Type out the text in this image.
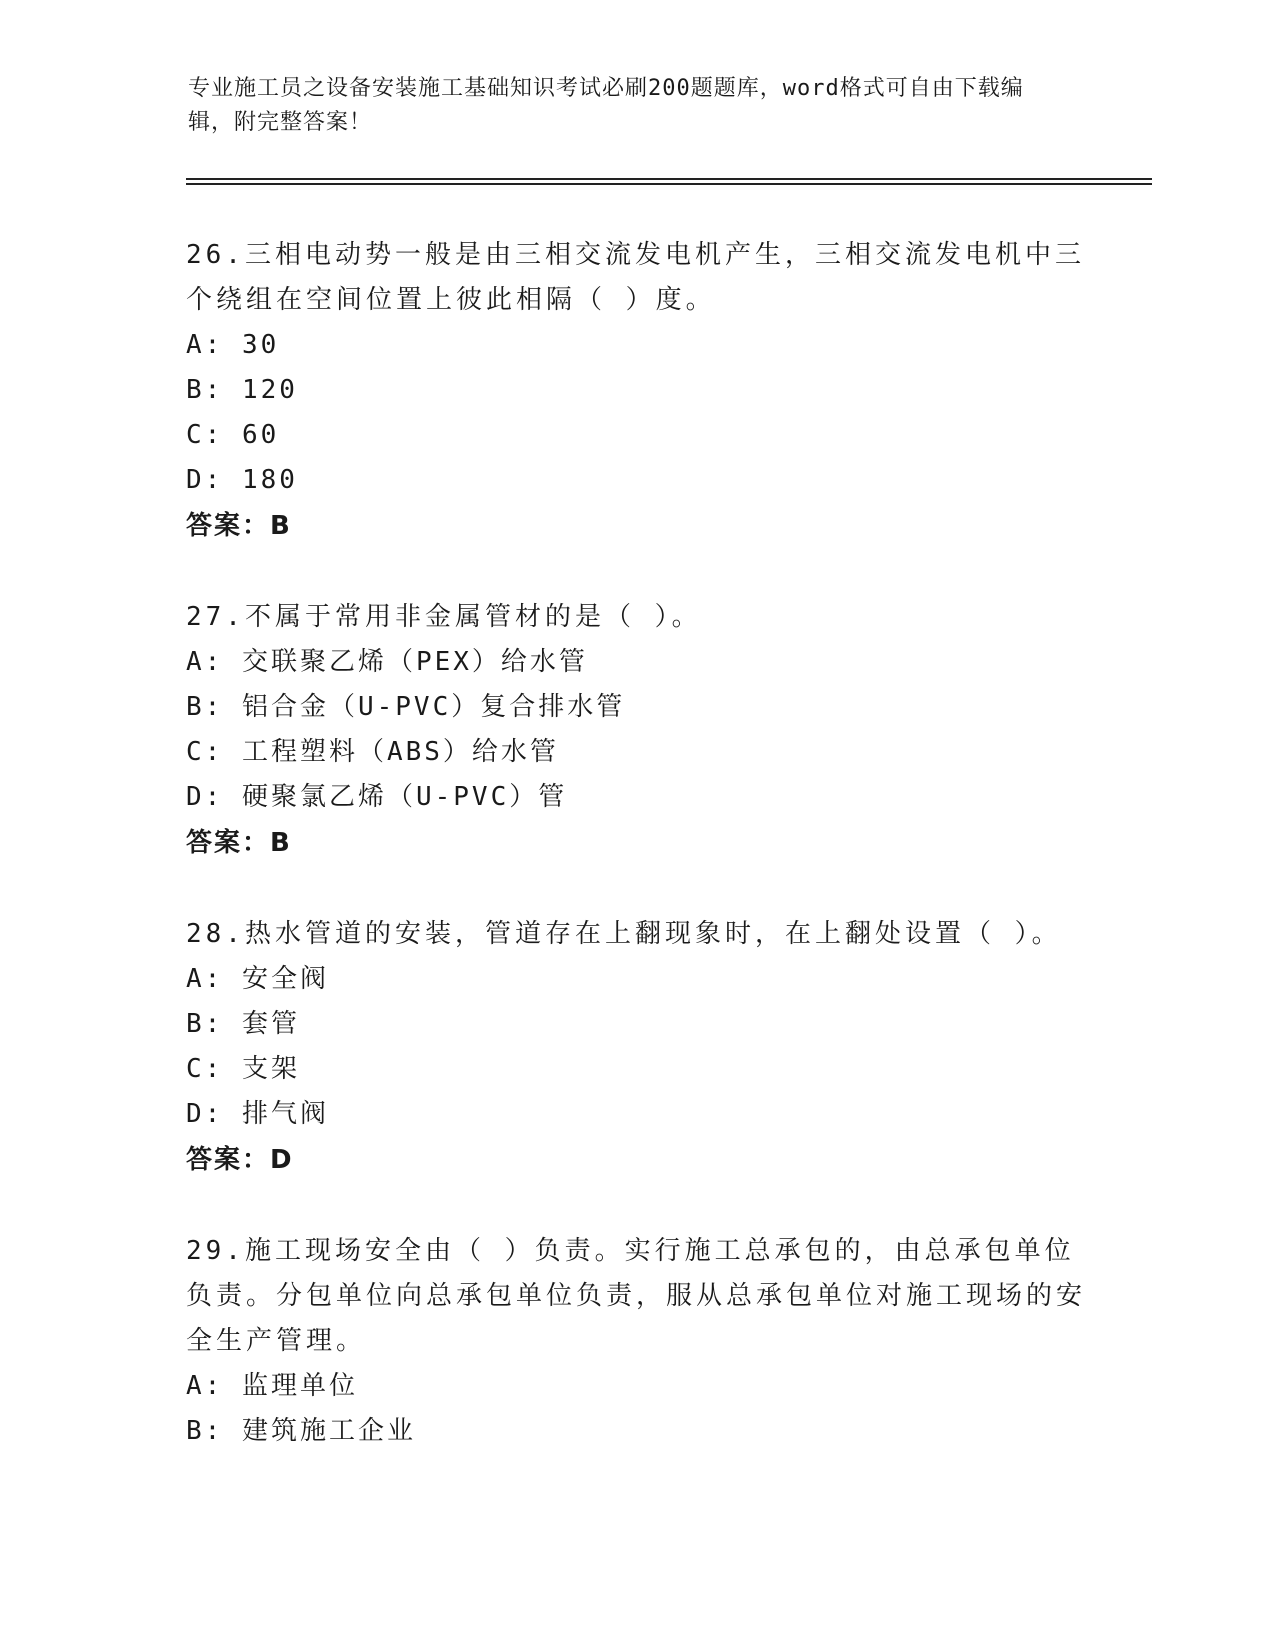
专业施工员之设备安装施工基础知识考试必刷200题题库，word格式可自由下载编辑，附完整答案！

26.三相电动势一般是由三相交流发电机产生，三相交流发电机中三个绕组在空间位置上彼此相隔（ ）度。

A: 30
B: 120
C: 60
D: 180
答案：B

27.不属于常用非金属管材的是（ ）。

A: 交联聚乙烯（PEX）给水管
B: 铝合金（U-PVC）复合排水管
C: 工程塑料（ABS）给水管
D: 硬聚氯乙烯（U-PVC）管
答案：B

28.热水管道的安装，管道存在上翻现象时，在上翻处设置（ ）。

A: 安全阀
B: 套管
C: 支架
D: 排气阀
答案：D

29.施工现场安全由（ ）负责。实行施工总承包的，由总承包单位负责。分包单位向总承包单位负责，服从总承包单位对施工现场的安全生产管理。

A: 监理单位
B: 建筑施工企业
